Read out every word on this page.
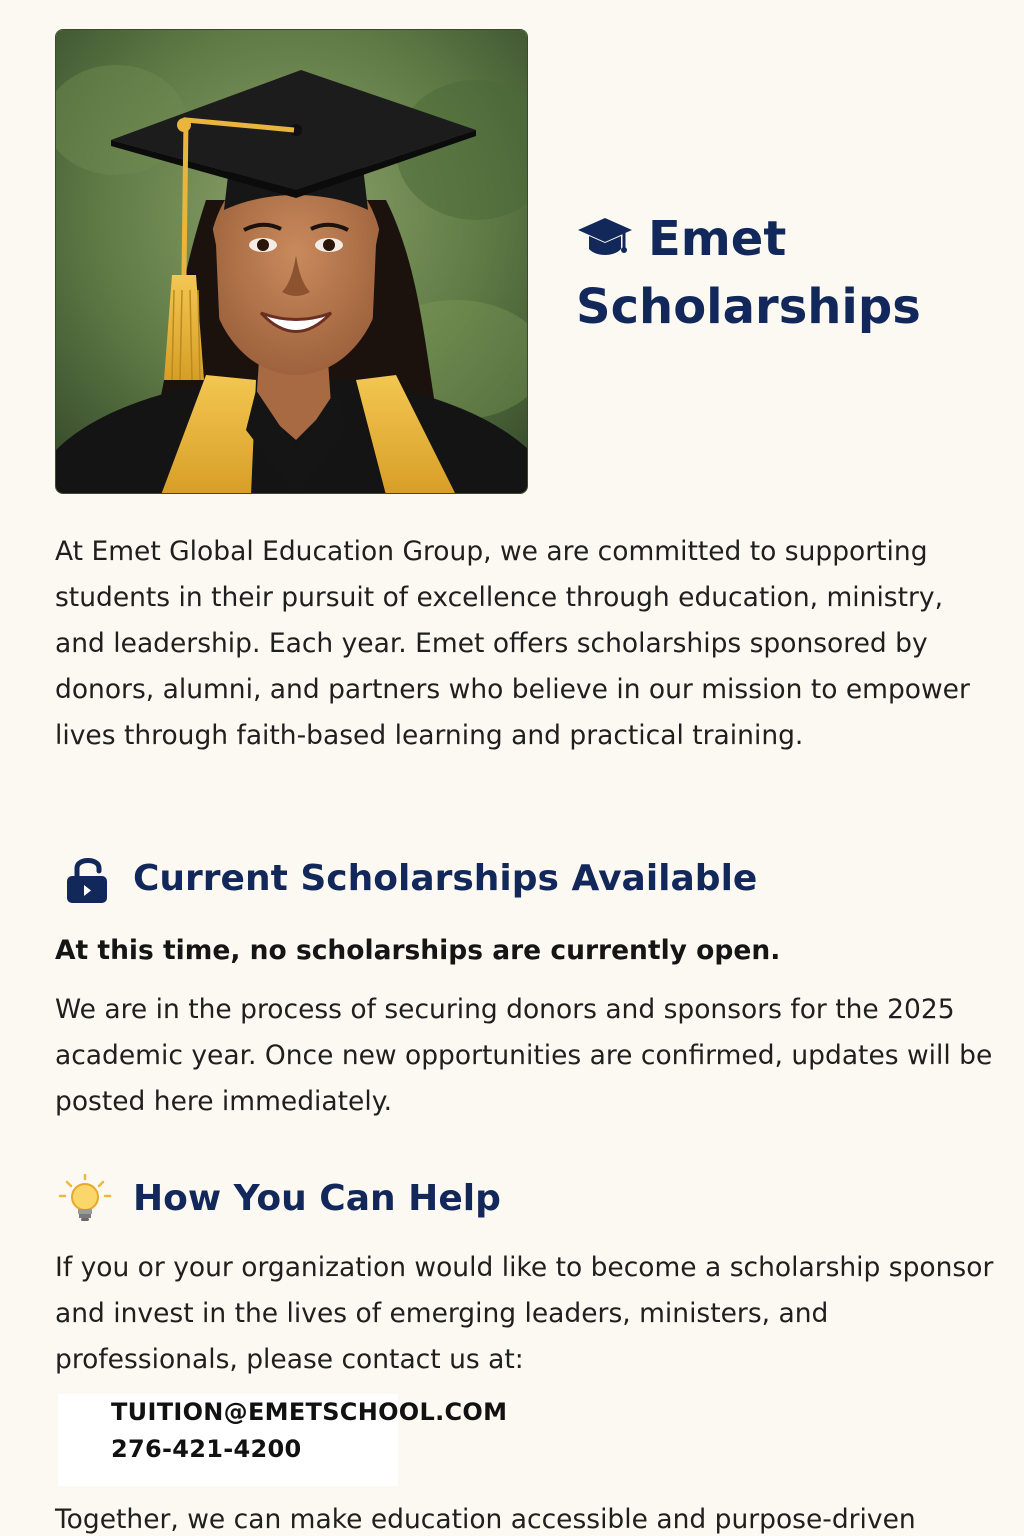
Emet
Scholarships

At Emet Global Education Group, we are committed to supporting students in their pursuit of excellence through education, ministry, and leadership. Each year. Emet offers scholarships sponsored by donors, alumni, and partners who believe in our mission to empower lives through faith-based learning and practical training.

Current Scholarships Available

At this time, no scholarships are currently open.

We are in the process of securing donors and sponsors for the 2025 academic year. Once new opportunities are confirmed, updates will be posted here immediately.

How You Can Help

If you or your organization would like to become a scholarship sponsor and invest in the lives of emerging leaders, ministers, and professionals, please contact us at:

TUITION@EMETSCHOOL.COM
276-421-4200

Together, we can make education accessible and purpose-driven
